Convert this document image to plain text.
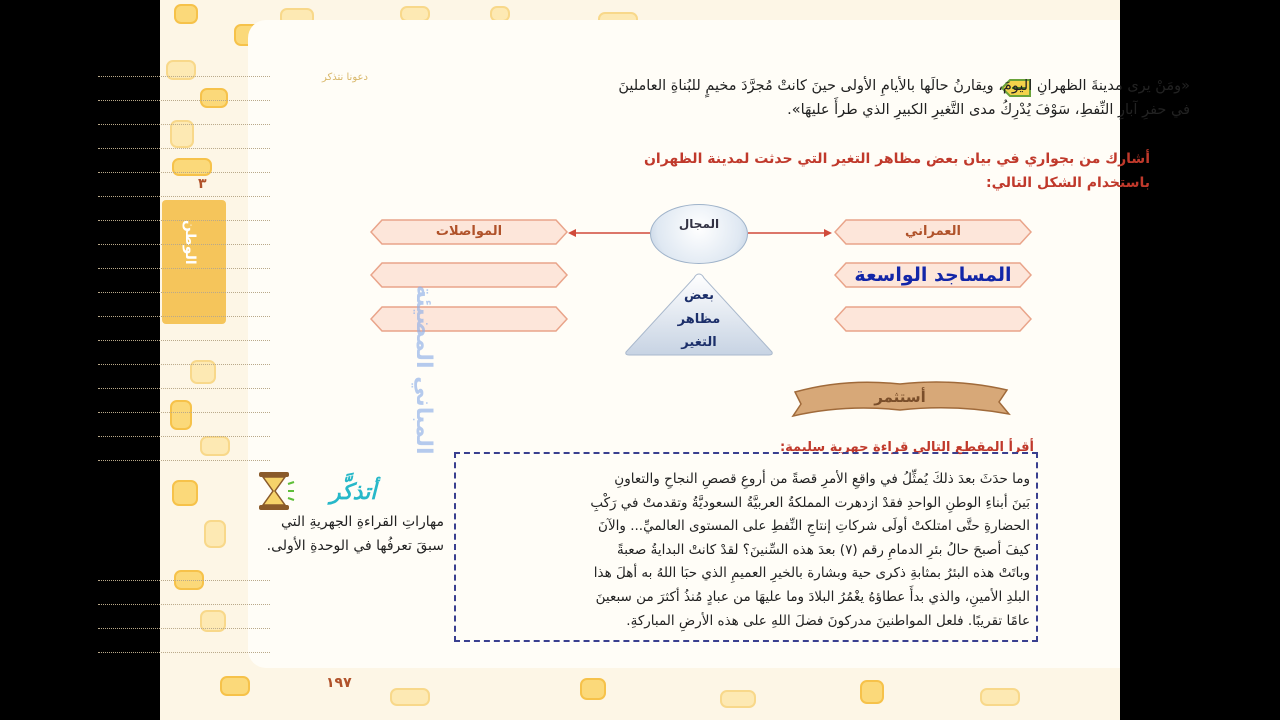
الوطن
٣
دعونا نتذكر
«ومَنْ يرى مدينةَ الظهرانِ اليومَ، ويقارنُ حالَها بالأيامِ الأولى حينَ كانتْ مُجرَّدَ مخيمٍ للبُناةِ العاملينَ في حفرِ آبارِ النِّفطِ، سَوْفَ يُدْرِكُ مدى التَّغيرِ الكبيرِ الذي طرأَ عليهَا».
أشارك من بجواري في بيان بعض مظاهر التغير التي حدثت لمدينة الظهران باستخدام الشكل التالي:
المواصلات	العمراني
المساجد الواسعة
المجال
بعض
مظاهر
التغير
أستثمر
أقرأ المقطع التالي قراءة جهرية سليمة:
وما حدَثَ بعدَ ذلكَ يُمثِّلُ في واقعِ الأمرِ قصةً من أروعِ قصصِ النجاحِ والتعاونِ
بَينَ أبناءِ الوطنِ الواحدِ فقدْ ازدهرت المملكةُ العربيَّةُ السعوديَّةُ وتقدمتْ في رَكْبِ
الحضارةِ حتَّى امتلكتْ أولَى شركاتِ إنتاجِ النِّفطِ على المستوى العالميِّ... والآنَ
كيفَ أصبحَ حالُ بئرِ الدمامِ رقم (٧) بعدَ هذه السِّنينَ؟ لقدْ كانتْ البدايةُ صعبةً
وباتَتْ هذه البئرُ بمثابةِ ذكرى حية وبشارة بالخيرِ العميمِ الذي حبَا اللهُ به أهلَ هذا
البلدِ الأمينِ، والذي بدأَ عطاؤهُ يغْمُرُ البلادَ وما عليهَا من عبادٍ مُنذُ أكثرَ من سبعينَ
عامًا تقريبًا. فلعل المواطنينَ مدركونَ فضلَ اللهِ على هذه الأرضِ المباركةِ.
أتذكَّر
مهاراتِ القراءةِ الجهريةِ التي سبقَ تعرفُها في الوحدةِ الأولى.
المباني المضيئة
١٩٧
